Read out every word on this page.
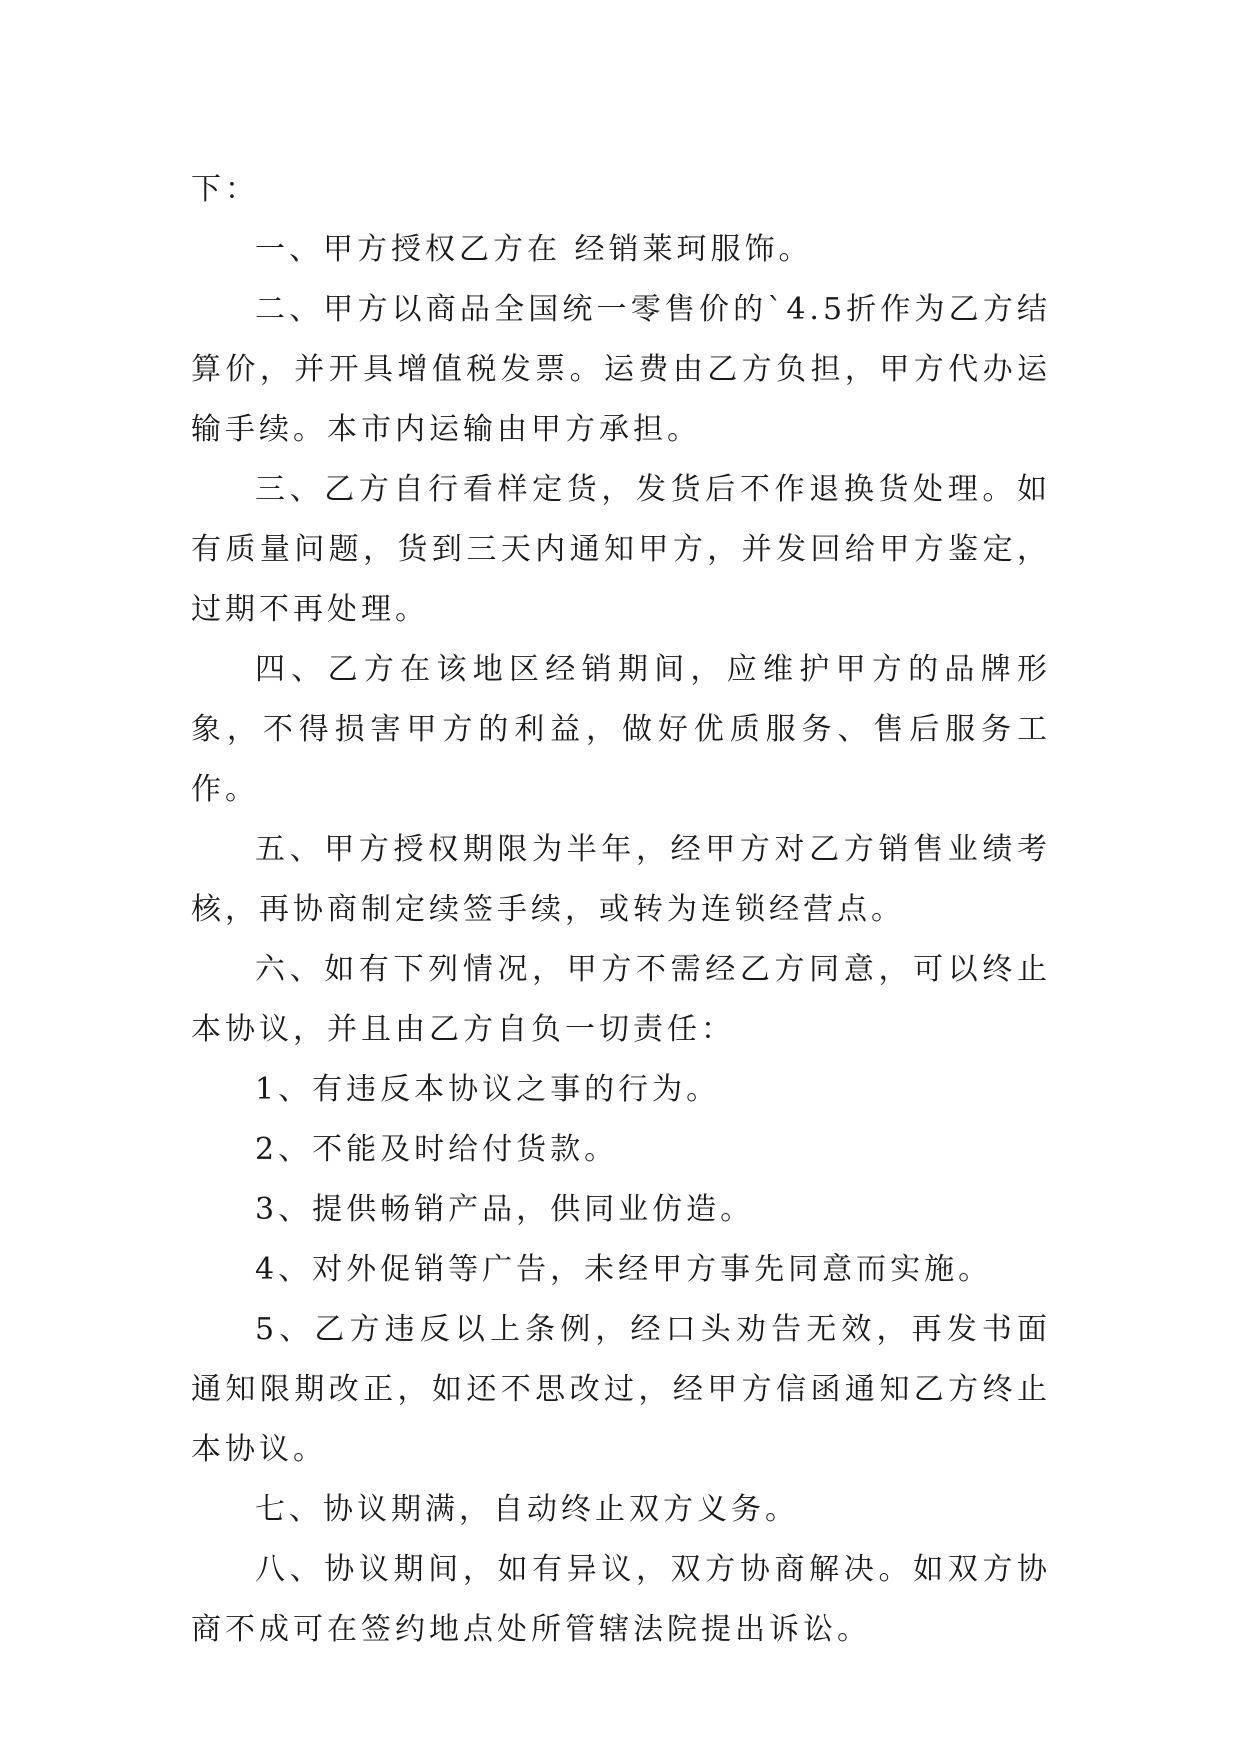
下：

一、甲方授权乙方在 经销莱珂服饰。

二、甲方以商品全国统一零售价的`4.5折作为乙方结算价，并开具增值税发票。运费由乙方负担，甲方代办运输手续。本市内运输由甲方承担。

三、乙方自行看样定货，发货后不作退换货处理。如有质量问题，货到三天内通知甲方，并发回给甲方鉴定，过期不再处理。

四、乙方在该地区经销期间，应维护甲方的品牌形象，不得损害甲方的利益，做好优质服务、售后服务工作。

五、甲方授权期限为半年，经甲方对乙方销售业绩考核，再协商制定续签手续，或转为连锁经营点。

六、如有下列情况，甲方不需经乙方同意，可以终止本协议，并且由乙方自负一切责任：

1、有违反本协议之事的行为。

2、不能及时给付货款。

3、提供畅销产品，供同业仿造。

4、对外促销等广告，未经甲方事先同意而实施。

5、乙方违反以上条例，经口头劝告无效，再发书面通知限期改正，如还不思改过，经甲方信函通知乙方终止本协议。

七、协议期满，自动终止双方义务。

八、协议期间，如有异议，双方协商解决。如双方协商不成可在签约地点处所管辖法院提出诉讼。
